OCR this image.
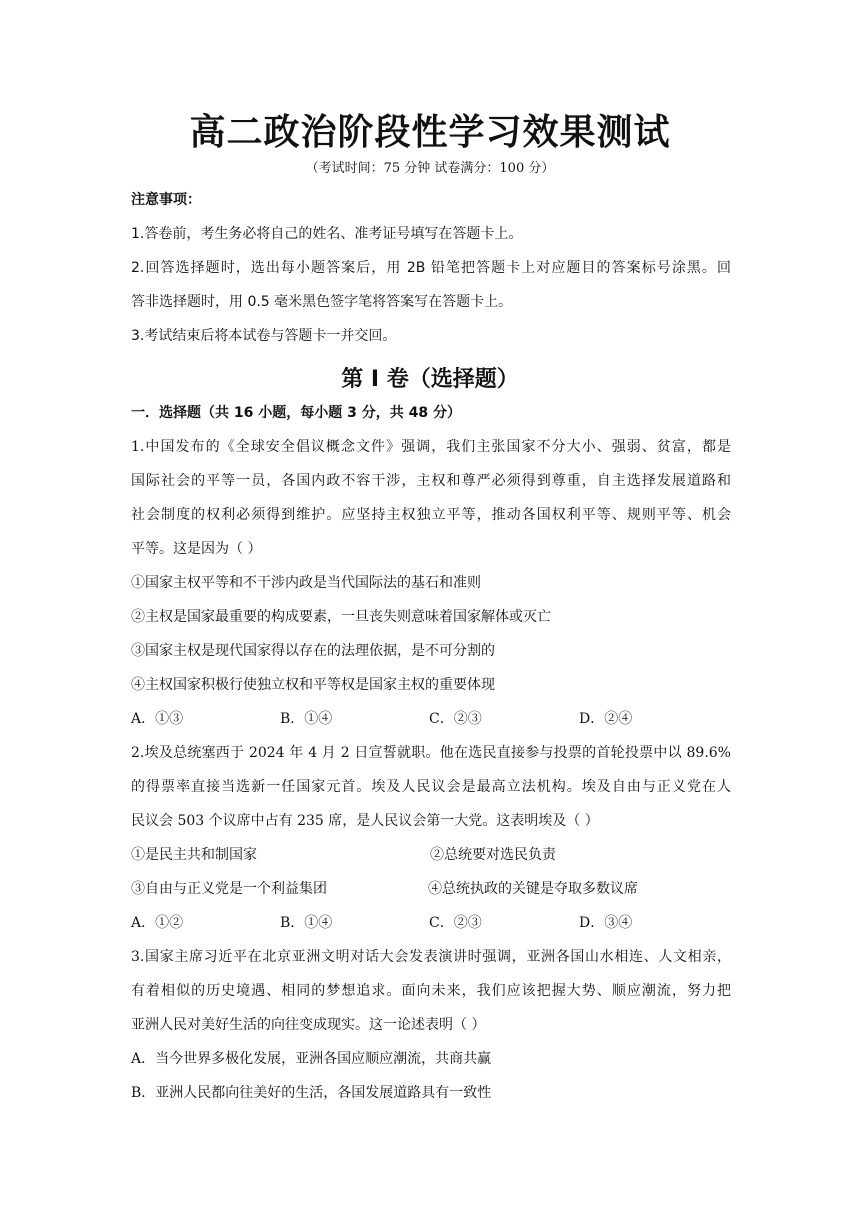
高二政治阶段性学习效果测试
（考试时间：75 分钟 试卷满分：100 分）
注意事项：
1.答卷前，考生务必将自己的姓名、准考证号填写在答题卡上。
2.回答选择题时，选出每小题答案后，用 2B 铅笔把答题卡上对应题目的答案标号涂黑。回
答非选择题时，用 0.5 毫米黑色签字笔将答案写在答题卡上。
3.考试结束后将本试卷与答题卡一并交回。
第 I 卷（选择题）
一．选择题（共 16 小题，每小题 3 分，共 48 分）
1.中国发布的《全球安全倡议概念文件》强调，我们主张国家不分大小、强弱、贫富，都是
国际社会的平等一员，各国内政不容干涉，主权和尊严必须得到尊重，自主选择发展道路和
社会制度的权利必须得到维护。应坚持主权独立平等，推动各国权利平等、规则平等、机会
平等。这是因为（ ）
①国家主权平等和不干涉内政是当代国际法的基石和准则
②主权是国家最重要的构成要素，一旦丧失则意味着国家解体或灭亡
③国家主权是现代国家得以存在的法理依据，是不可分割的
④主权国家积极行使独立权和平等权是国家主权的重要体现
A．①③	B．①④	C．②③	D．②④
2.埃及总统塞西于 2024 年 4 月 2 日宣誓就职。他在选民直接参与投票的首轮投票中以 89.6%
的得票率直接当选新一任国家元首。埃及人民议会是最高立法机构。埃及自由与正义党在人
民议会 503 个议席中占有 235 席，是人民议会第一大党。这表明埃及（ ）
①是民主共和制国家	②总统要对选民负责
③自由与正义党是一个利益集团	④总统执政的关键是夺取多数议席
A．①②	B．①④	C．②③	D．③④
3.国家主席习近平在北京亚洲文明对话大会发表演讲时强调，亚洲各国山水相连、人文相亲，
有着相似的历史境遇、相同的梦想追求。面向未来，我们应该把握大势、顺应潮流，努力把
亚洲人民对美好生活的向往变成现实。这一论述表明（ ）
A．当今世界多极化发展，亚洲各国应顺应潮流，共商共赢
B．亚洲人民都向往美好的生活，各国发展道路具有一致性
